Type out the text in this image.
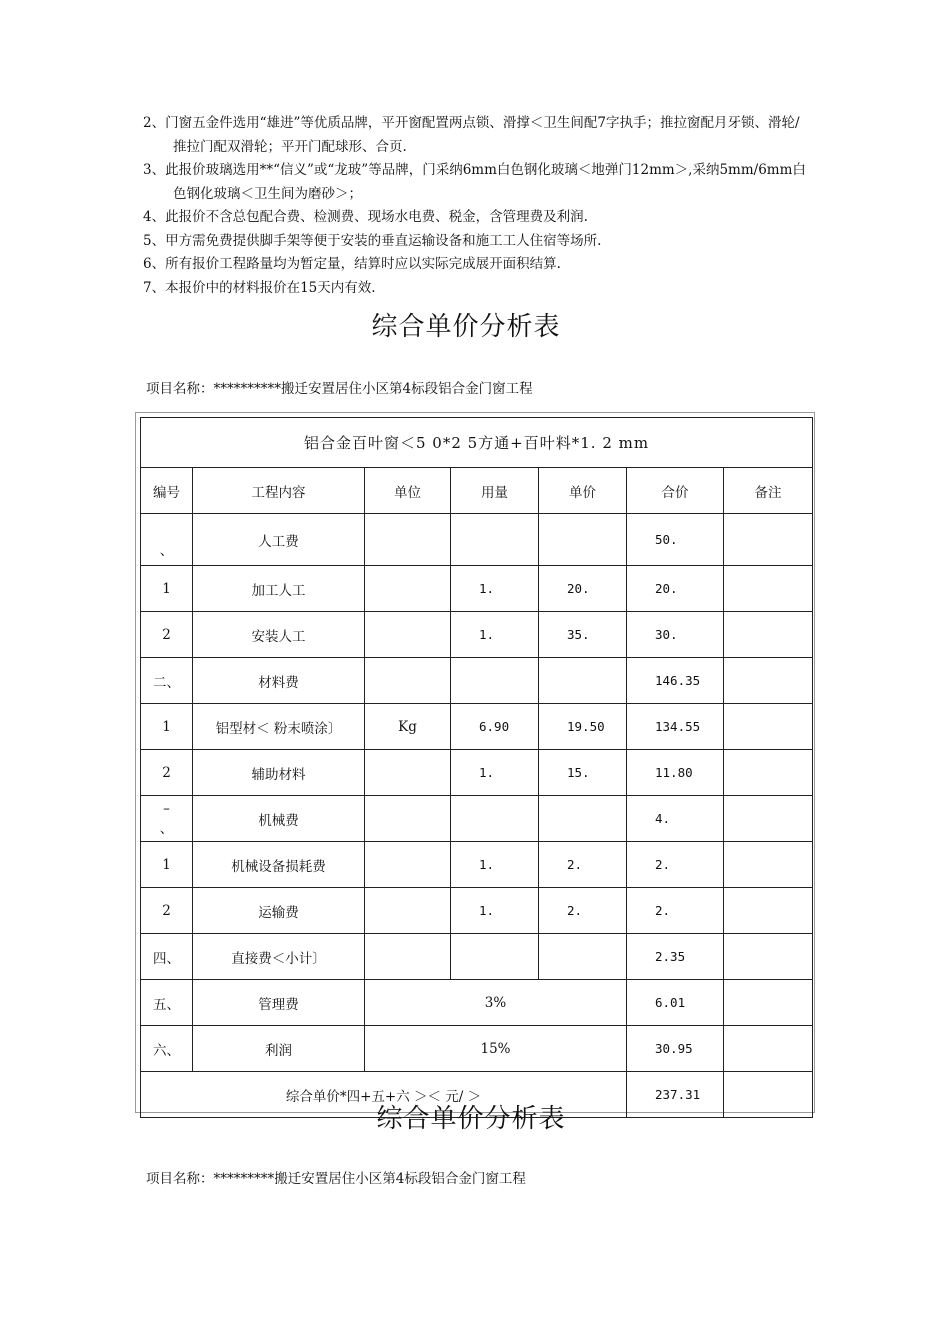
2、门窗五金件选用“雄进”等优质品牌，平开窗配置两点锁、滑撑＜卫生间配7字执手；推拉窗配月牙锁、滑轮/推拉门配双滑轮；平开门配球形、合页.

3、此报价玻璃选用**“信义”或“龙玻”等品牌，门采纳6mm白色钢化玻璃＜地弹门12mm＞,采纳5mm/6mm白色钢化玻璃＜卫生间为磨砂＞；

4、此报价不含总包配合费、检测费、现场水电费、税金，含管理费及利润.

5、甲方需免费提供脚手架等便于安装的垂直运输设备和施工工人住宿等场所.

6、所有报价工程路量均为暂定量，结算时应以实际完成展开面积结算.

7、本报价中的材料报价在15天内有效.

综合单价分析表
项目名称：**********搬迁安置居住小区第4标段铝合金门窗工程
铝合金百叶窗＜5 0*2 5方通+百叶料*1. 2 mm						
编号	工程内容	单位	用量	单价	合价	备注
、	人工费				50.	
1	加工人工		1.	20.	20.	
2	安装人工		1.	35.	30.	
二、	材料费				146.35	
1	铝型材＜ 粉末喷涂〕	Kg	6.90	19.50	134.55	
2	辅助材料		1.	15.	11.80	
–
、	机械费				4.	
1	机械设备损耗费		1.	2.	2.	
2	运输费		1.	2.	2.	
四、	直接费＜小计〕				2.35	
五、	管理费	3%			6.01	
六、	利润	15%			30.95	
综合单价*四+五+六 ＞＜ 元/ ＞					237.31	
综合单价分析表
项目名称：*********搬迁安置居住小区第4标段铝合金门窗工程
